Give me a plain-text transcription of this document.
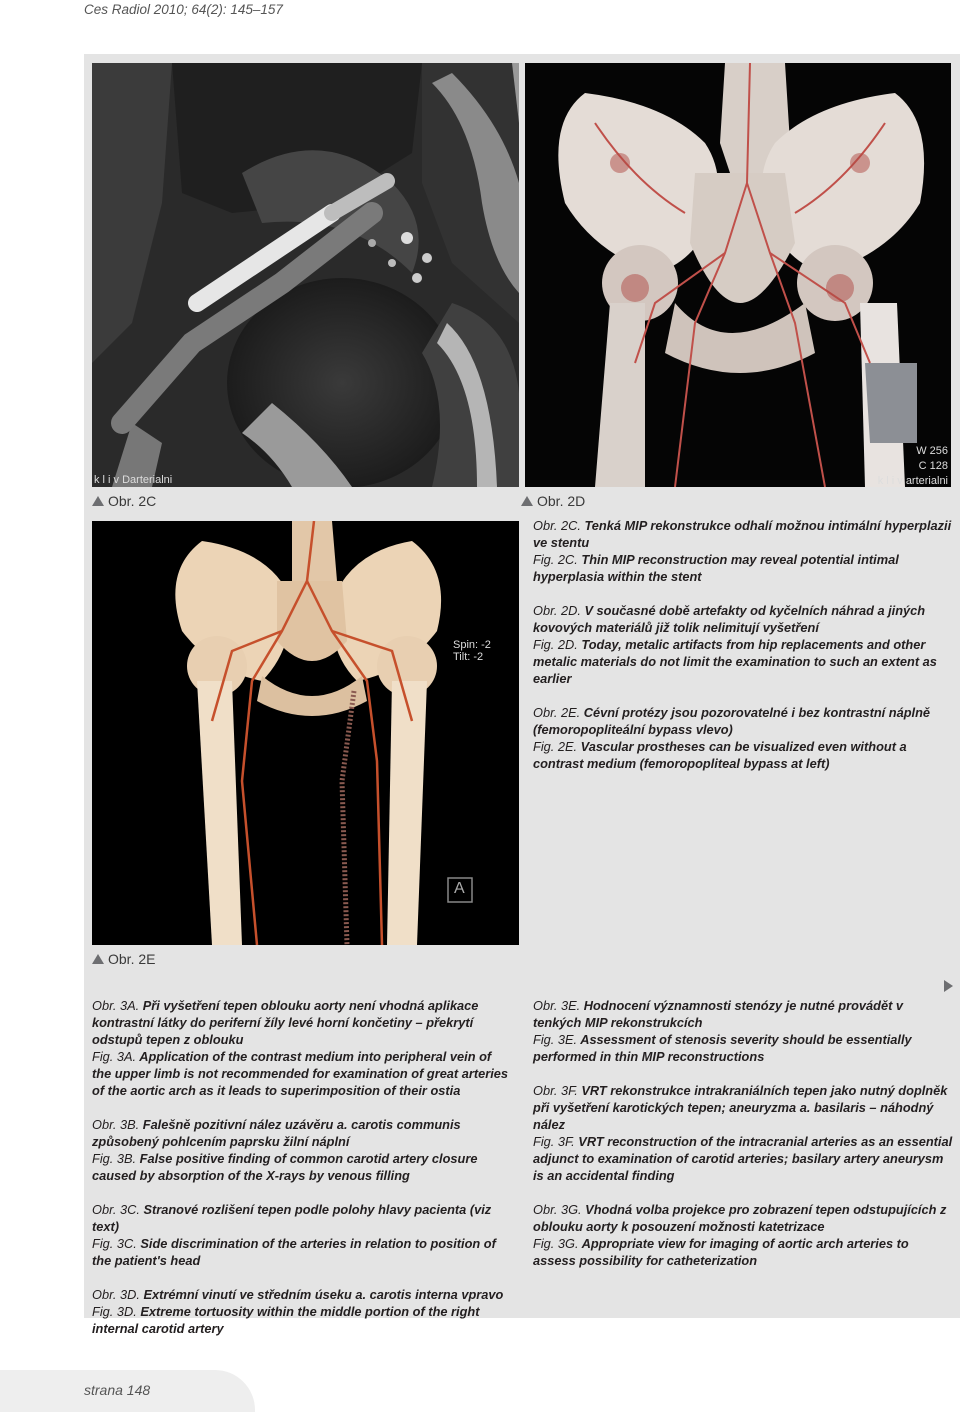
Ces Radiol 2010; 64(2): 145–157
k l i v Darterialni
Obr. 2C
W 256
C 128
k l i v arterialni
Obr. 2D
Spin: -2
Tilt: -2
A
Obr. 2E

Obr. 2C. Tenká MIP rekonstrukce odhalí možnou intimální hyperplazii ve stentu

Fig. 2C. Thin MIP reconstruction may reveal potential intimal hyperplasia within the stent

Obr. 2D. V současné době artefakty od kyčelních náhrad a jiných kovových materiálů již tolik nelimitují vyšetření

Fig. 2D. Today, metalic artifacts from hip replacements and other metalic materials do not limit the examination to such an extent as earlier

Obr. 2E. Cévní protézy jsou pozorovatelné i bez kontrastní náplně (femoropopliteální bypass vlevo)

Fig. 2E. Vascular prostheses can be visualized even without a contrast medium (femoropopliteal bypass at left)

Obr. 3A. Při vyšetření tepen oblouku aorty není vhodná aplikace kontrastní látky do periferní žíly levé horní končetiny – překrytí odstupů tepen z oblouku

Fig. 3A. Application of the contrast medium into peripheral vein of the upper limb is not recommended for examination of great arteries of the aortic arch as it leads to superimposition of their ostia

Obr. 3B. Falešně pozitivní nález uzávěru a. carotis communis způsobený pohlcením paprsku žilní náplní

Fig. 3B. False positive finding of common carotid artery closure caused by absorption of the X-rays by venous filling

Obr. 3C. Stranové rozlišení tepen podle polohy hlavy pacienta (viz text)

Fig. 3C. Side discrimination of the arteries in relation to position of the patient's head

Obr. 3D. Extrémní vinutí ve středním úseku a. carotis interna vpravo

Fig. 3D. Extreme tortuosity within the middle portion of the right internal carotid artery

Obr. 3E. Hodnocení významnosti stenózy je nutné provádět v tenkých MIP rekonstrukcích

Fig. 3E. Assessment of stenosis severity should be essentially performed in thin MIP reconstructions

Obr. 3F. VRT rekonstrukce intrakraniálních tepen jako nutný doplněk při vyšetření karotických tepen; aneuryzma a. basilaris – náhodný nález

Fig. 3F. VRT reconstruction of the intracranial arteries as an essential adjunct to examination of carotid arteries; basilary artery aneurysm is an accidental finding

Obr. 3G. Vhodná volba projekce pro zobrazení tepen odstupujících z oblouku aorty k posouzení možnosti katetrizace

Fig. 3G. Appropriate view for imaging of aortic arch arteries to assess possibility for catheterization

strana 148
